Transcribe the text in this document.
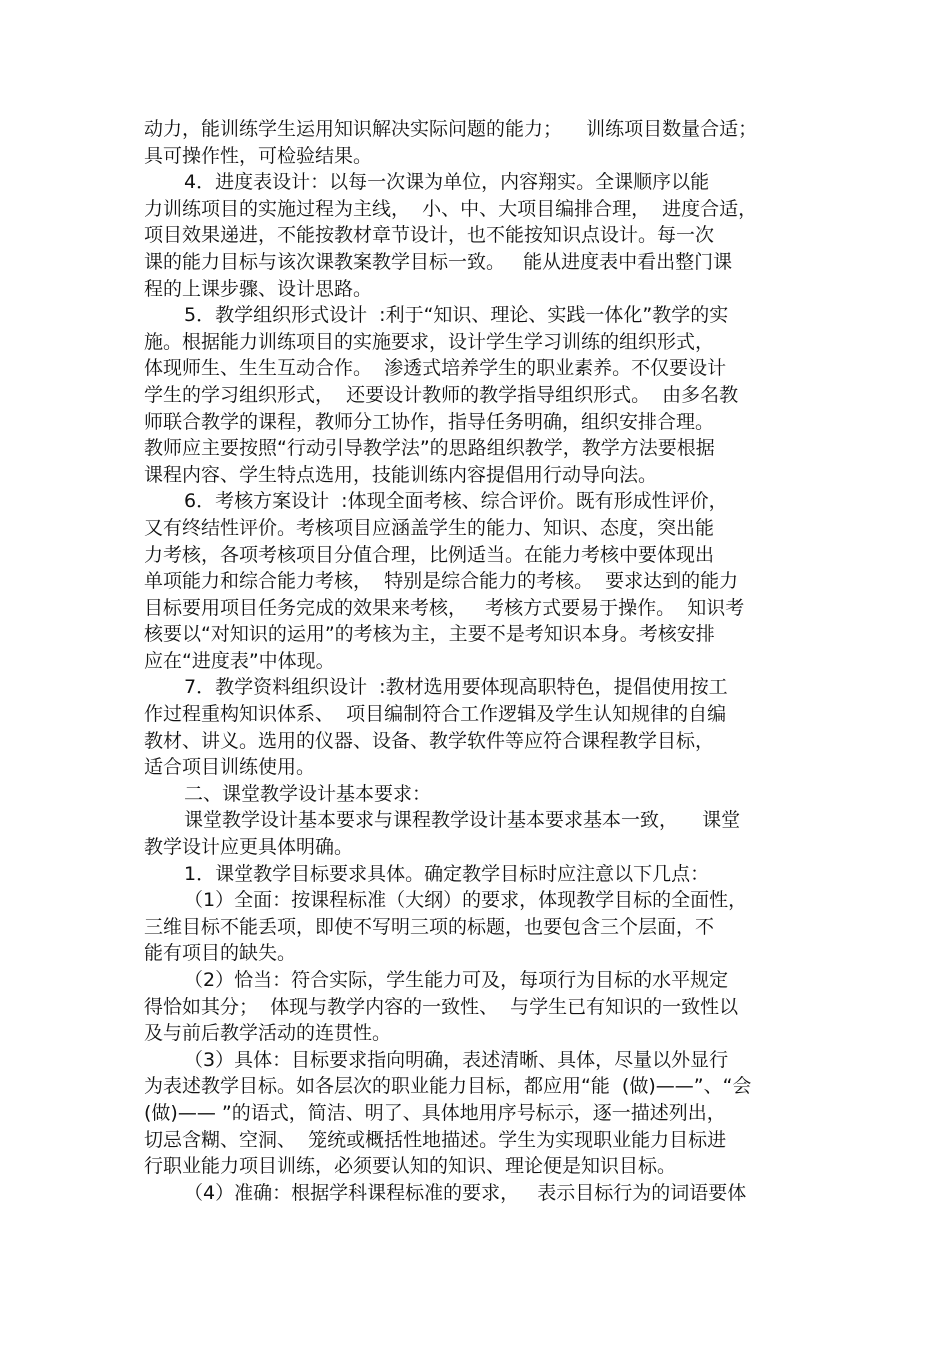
动力，能训练学生运用知识解决实际问题的能力；    训练项目数量合适；
具可操作性，可检验结果。
4．进度表设计：以每一次课为单位，内容翔实。全课顺序以能
力训练项目的实施过程为主线，  小、中、大项目编排合理，  进度合适，
项目效果递进，不能按教材章节设计，也不能按知识点设计。每一次
课的能力目标与该次课教案教学目标一致。   能从进度表中看出整门课
程的上课步骤、设计思路。
5．教学组织形式设计  :利于“知识、理论、实践一体化”教学的实
施。根据能力训练项目的实施要求，设计学生学习训练的组织形式，
体现师生、生生互动合作。  渗透式培养学生的职业素养。不仅要设计
学生的学习组织形式，  还要设计教师的教学指导组织形式。  由多名教
师联合教学的课程，教师分工协作，指导任务明确，组织安排合理。
教师应主要按照“行动引导教学法”的思路组织教学，教学方法要根据
课程内容、学生特点选用，技能训练内容提倡用行动导向法。
6．考核方案设计  :体现全面考核、综合评价。既有形成性评价，
又有终结性评价。考核项目应涵盖学生的能力、知识、态度，突出能
力考核，各项考核项目分值合理，比例适当。在能力考核中要体现出
单项能力和综合能力考核，  特别是综合能力的考核。  要求达到的能力
目标要用项目任务完成的效果来考核，   考核方式要易于操作。  知识考
核要以“对知识的运用”的考核为主，主要不是考知识本身。考核安排
应在“进度表”中体现。
7．教学资料组织设计  :教材选用要体现高职特色，提倡使用按工
作过程重构知识体系、  项目编制符合工作逻辑及学生认知规律的自编
教材、讲义。选用的仪器、设备、教学软件等应符合课程教学目标，
适合项目训练使用。
二、课堂教学设计基本要求：
课堂教学设计基本要求与课程教学设计基本要求基本一致，    课堂
教学设计应更具体明确。
1．课堂教学目标要求具体。确定教学目标时应注意以下几点：
（1）全面：按课程标准（大纲）的要求，体现教学目标的全面性，
三维目标不能丢项，即使不写明三项的标题，也要包含三个层面，不
能有项目的缺失。
（2）恰当：符合实际，学生能力可及，每项行为目标的水平规定
得恰如其分；  体现与教学内容的一致性、  与学生已有知识的一致性以
及与前后教学活动的连贯性。
（3）具体：目标要求指向明确，表述清晰、具体，尽量以外显行
为表述教学目标。如各层次的职业能力目标，都应用“能  (做)——”、“会
(做)—— ”的语式，简洁、明了、具体地用序号标示，逐一描述列出，
切忌含糊、空洞、  笼统或概括性地描述。学生为实现职业能力目标进
行职业能力项目训练，必须要认知的知识、理论便是知识目标。
（4）准确：根据学科课程标准的要求，   表示目标行为的词语要体
